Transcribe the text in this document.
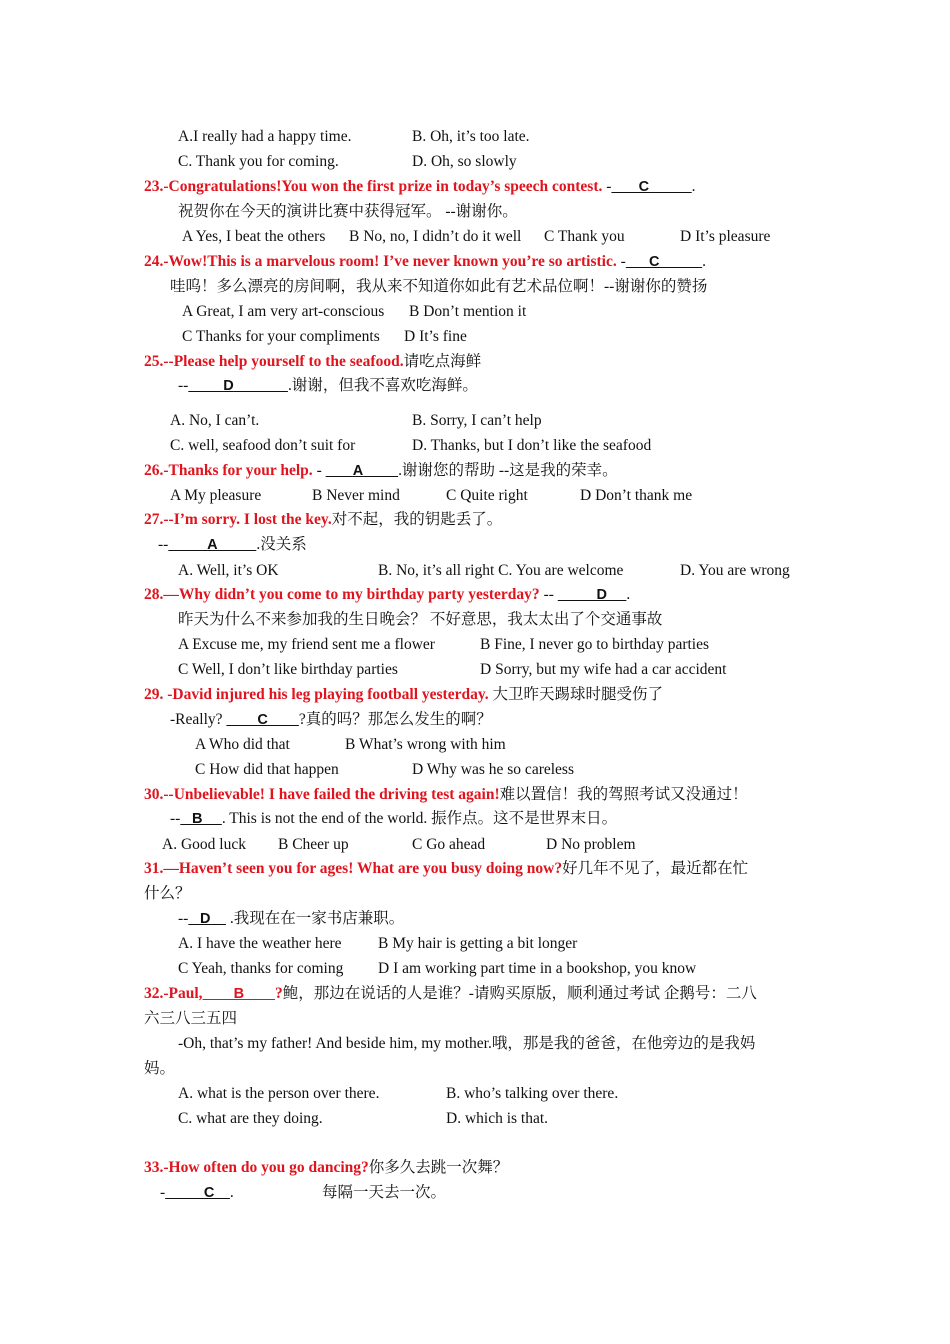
A.I really had a happy time.	B. Oh, it’s too late.
C. Thank you for coming.	D. Oh, so slowly
23.-Congratulations!You won the first prize in today’s speech contest. - C	.
祝贺你在今天的演讲比赛中获得冠军。 --谢谢你。
A Yes, I beat the others B No, no, I didn’t do it well C Thank you	D It’s pleasure
24.-Wow!This is a marvelous room! I’ve never known you’re so artistic. - C	.
哇呜！多么漂亮的房间啊，我从来不知道你如此有艺术品位啊！--谢谢你的赞扬
A Great, I am very art-conscious B Don’t mention it
C Thanks for your compliments D It’s fine
25.--Please help yourself to the seafood.请吃点海鲜
-- D	.谢谢，但我不喜欢吃海鲜。
A. No, I can’t.	B. Sorry, I can’t help
C. well, seafood don’t suit for	D. Thanks, but I don’t like the seafood
26.-Thanks for your help. -        A .谢谢您的帮助 --这是我的荣幸。
A My pleasure	B Never mind	C Quite right	D Don’t thank me
27.--I’m sorry. I lost the key.对不起，我的钥匙丢了。
--	A	.没关系
A. Well, it’s OK	B. No, it’s all right C. You are welcome	D. You are wrong
28.—Why didn’t you come to my birthday party yesterday? --	D .
昨天为什么不来参加我的生日晚会？ 不好意思，我太太出了个交通事故
A Excuse me, my friend sent me a flower	B Fine, I never go to birthday parties
C Well, I don’t like birthday parties	D Sorry, but my wife had a car accident
29. -David injured his leg playing football yesterday. 大卫昨天踢球时腿受伤了
-Really?         C ?真的吗？那怎么发生的啊？
A Who did that	B What’s wrong with him
C How did that happen	D Why was he so careless
30.--Unbelievable! I have failed the driving test again!难以置信！我的驾照考试又没通过！
-- B . This is not the end of the world. 振作点。这不是世界末日。
A. Good luck B Cheer up	C Go ahead	D No problem
31.—Haven’t seen you for ages! What are you busy doing now?好几年不见了，最近都在忙
什么？
-- D     .我现在在一家书店兼职。
A. I have the weather here B My hair is getting a bit longer
C Yeah, thanks for coming D I am working part time in a bookshop, you know
32.-Paul, B ?鲍，那边在说话的人是谁？-请购买原版，顺利通过考试 企鹅号：二八
六三八三五四
-Oh, that’s my father! And beside him, my mother.哦，那是我的爸爸，在他旁边的是我妈
妈。
A. what is the person over there.	B. who’s talking over there.
C. what are they doing.	D. which is that.
33.-How often do you go dancing?你多久去跳一次舞？
-	C .	每隔一天去一次。
